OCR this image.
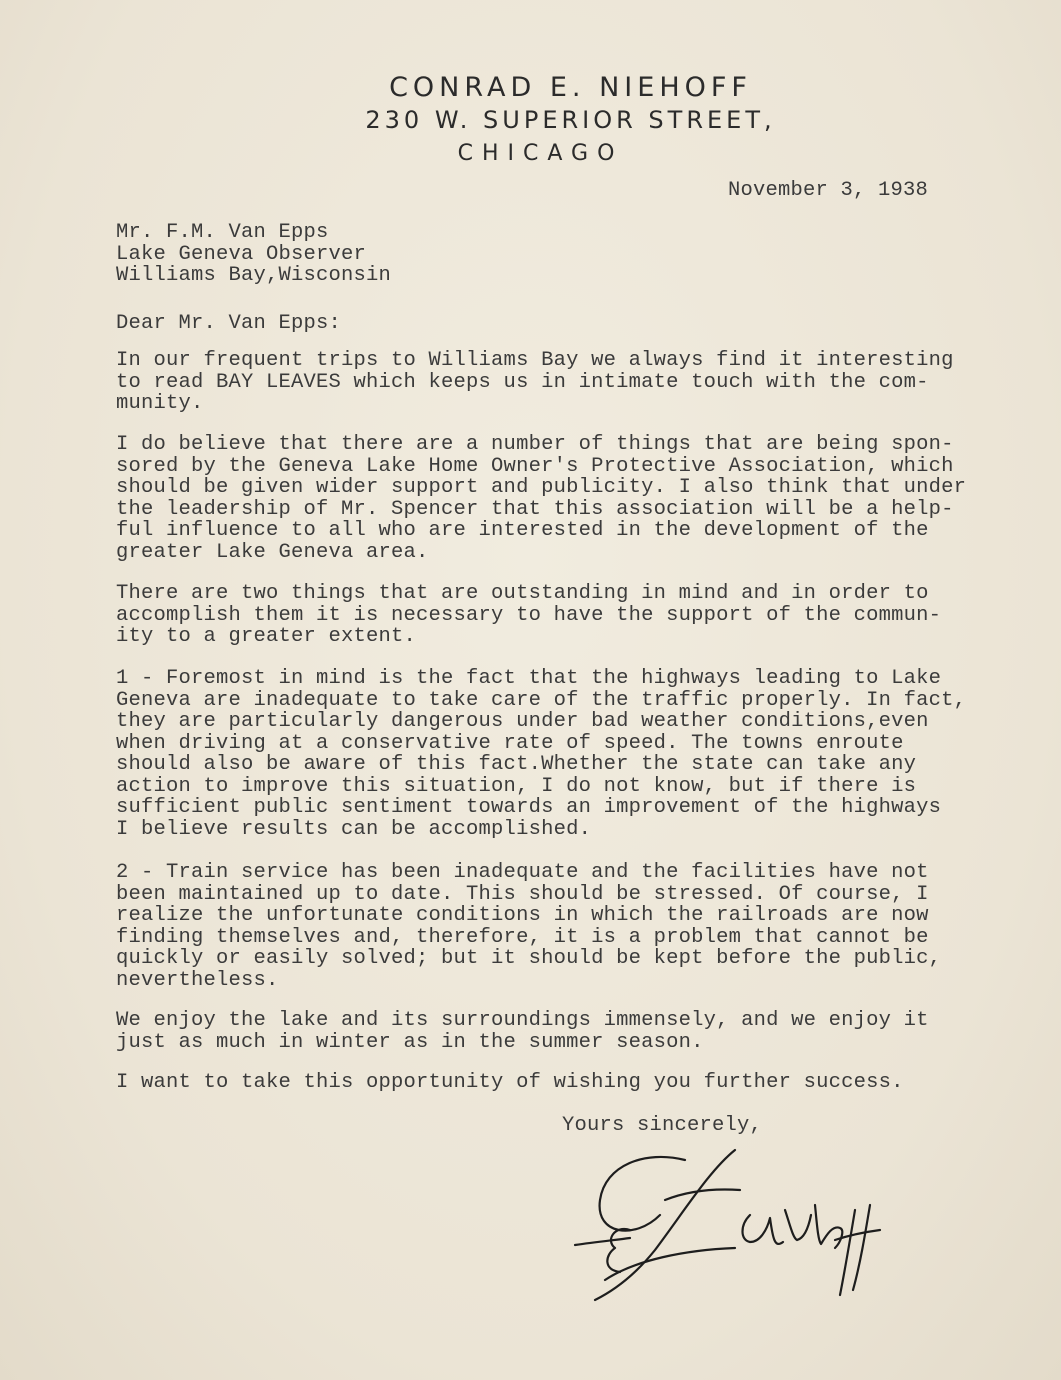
CONRAD E. NIEHOFF
230 W. SUPERIOR STREET,
CHICAGO
November 3, 1938
Mr. F.M. Van Epps
Lake Geneva Observer
Williams Bay,Wisconsin
Dear Mr. Van Epps:
In our frequent trips to Williams Bay we always find it interesting
to read BAY LEAVES which keeps us in intimate touch with the com-
munity.
I do believe that there are a number of things that are being spon-
sored by the Geneva Lake Home Owner's Protective Association, which
should be given wider support and publicity. I also think that under
the leadership of Mr. Spencer that this association will be a help-
ful influence to all who are interested in the development of the
greater Lake Geneva area.
There are two things that are outstanding in mind and in order to
accomplish them it is necessary to have the support of the commun-
ity to a greater extent.
1 - Foremost in mind is the fact that the highways leading to Lake
Geneva are inadequate to take care of the traffic properly. In fact,
they are particularly dangerous under bad weather conditions,even
when driving at a conservative rate of speed. The towns enroute
should also be aware of this fact.Whether the state can take any
action to improve this situation, I do not know, but if there is
sufficient public sentiment towards an improvement of the highways
I believe results can be accomplished.
2 - Train service has been inadequate and the facilities have not
been maintained up to date. This should be stressed. Of course, I
realize the unfortunate conditions in which the railroads are now
finding themselves and, therefore, it is a problem that cannot be
quickly or easily solved; but it should be kept before the public,
nevertheless.
We enjoy the lake and its surroundings immensely, and we enjoy it
just as much in winter as in the summer season.
I want to take this opportunity of wishing you further success.
Yours sincerely,
